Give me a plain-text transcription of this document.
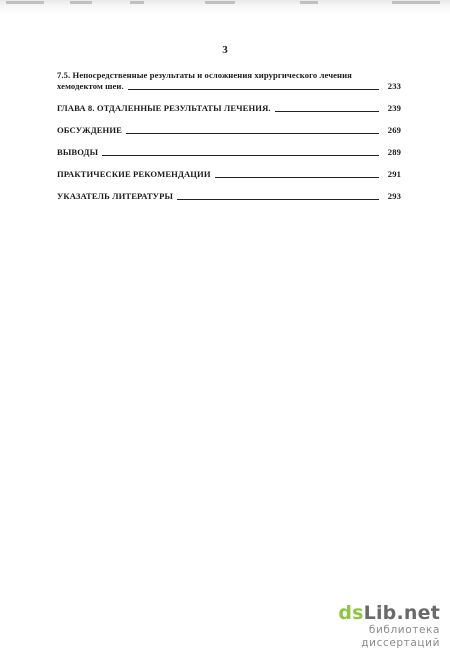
3
7.5. Непосредственные результаты и осложнения хирургического лечения
хемодектом шеи.	233
ГЛАВА 8. ОТДАЛЕННЫЕ РЕЗУЛЬТАТЫ ЛЕЧЕНИЯ.	239
ОБСУЖДЕНИЕ	269
ВЫВОДЫ	289
ПРАКТИЧЕСКИЕ РЕКОМЕНДАЦИИ	291
УКАЗАТЕЛЬ ЛИТЕРАТУРЫ	293
dsLib.net
библиотека диссертаций
